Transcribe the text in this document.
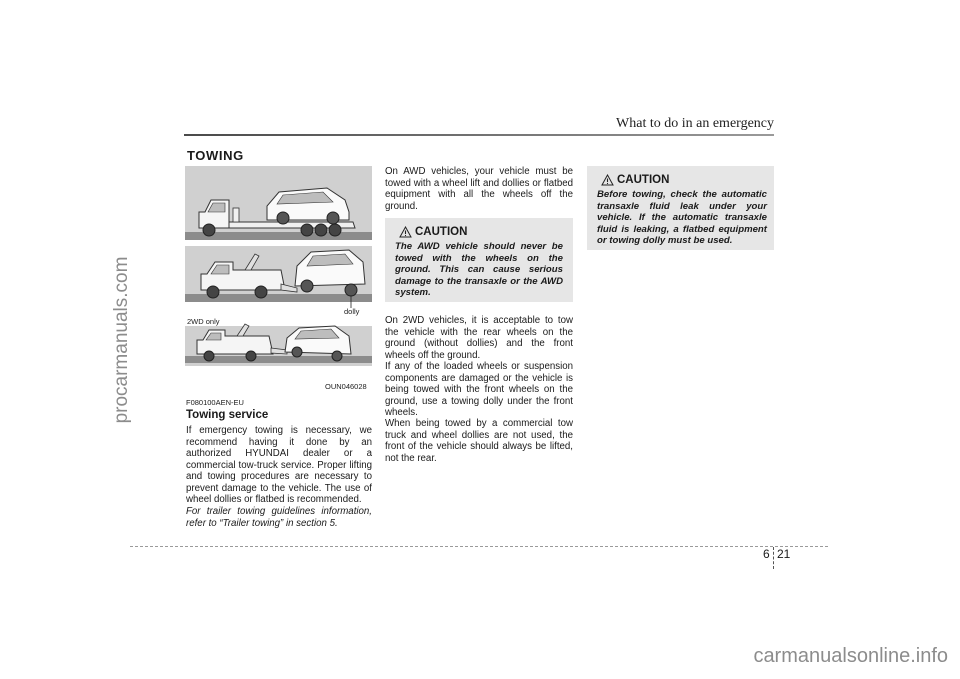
procarmanuals.com
carmanualsonline.info
What to do in an emergency
TOWING
dolly
2WD only
OUN046028
F080100AEN-EU
Towing service

If emergency towing is necessary, we recommend having it done by an authorized HYUNDAI dealer or a commercial tow-truck service. Proper lifting and towing procedures are necessary to prevent damage to the vehicle. The use of wheel dollies or flatbed is recommended.

For trailer towing guidelines information, refer to “Trailer towing” in section 5.

On AWD vehicles, your vehicle must be towed with a wheel lift and dollies or flatbed equipment with all the wheels off the ground.

CAUTION

The AWD vehicle should never be towed with the wheels on the ground. This can cause serious damage to the transaxle or the AWD system.

On 2WD vehicles, it is acceptable to tow the vehicle with the rear wheels on the ground (without dollies) and the front wheels off the ground.

If any of the loaded wheels or suspension components are damaged or the vehicle is being towed with the front wheels on the ground, use a towing dolly under the front wheels.

When being towed by a commercial tow truck and wheel dollies are not used, the front of the vehicle should always be lifted, not the rear.

CAUTION

Before towing, check the automatic transaxle fluid leak under your vehicle. If the automatic transaxle fluid is leaking, a flatbed equipment or towing dolly must be used.

6 21
